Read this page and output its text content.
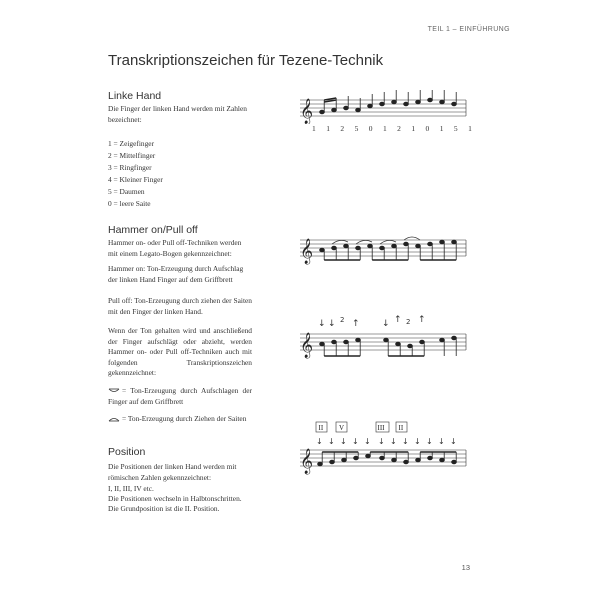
TEIL 1 – EINFÜHRUNG
Transkriptionszeichen für Tezene-Technik
Linke Hand
Die Finger der linken Hand werden mit Zahlen bezeichnet:
1 = Zeigefinger
2 = Mittelfinger
3 = Ringfinger
4 = Kleiner Finger
5 = Daumen
0 = leere Saite
𝄞
1 1 2 5 0 1 2 1 0 1 5 1
Hammer on/Pull off
Hammer on- oder Pull off-Techniken werden mit einem Legato-Bogen gekennzeichnet:
Hammer on: Ton-Erzeugung durch Aufschlag der linken Hand Finger auf dem Griffbrett
Pull off: Ton-Erzeugung durch ziehen der Saiten mit den Finger der linken Hand.
Wenn der Ton gehalten wird und anschließend der Finger aufschlägt oder abzieht, werden Hammer on- oder Pull off-Techniken auch mit folgenden Transkriptionszeichen gekennzeichnet:
= Ton-Erzeugung durch Aufschlagen der Finger auf dem Griffbrett
= Ton-Erzeugung durch Ziehen der Saiten
𝄞
𝄞
↓ ↓ 2 ↑ ↓ ↑ 2 ↑
Position
Die Positionen der linken Hand werden mit römischen Zahlen gekennzeichnet:
I, II, III, IV etc.
Die Positionen wechseln in Halbtonschritten.
Die Grundposition ist die II. Position.
II V	III II
↓ ↓ ↓ ↓ ↓ ↓ ↓ ↓ ↓ ↓ ↓ ↓
𝄞
13
